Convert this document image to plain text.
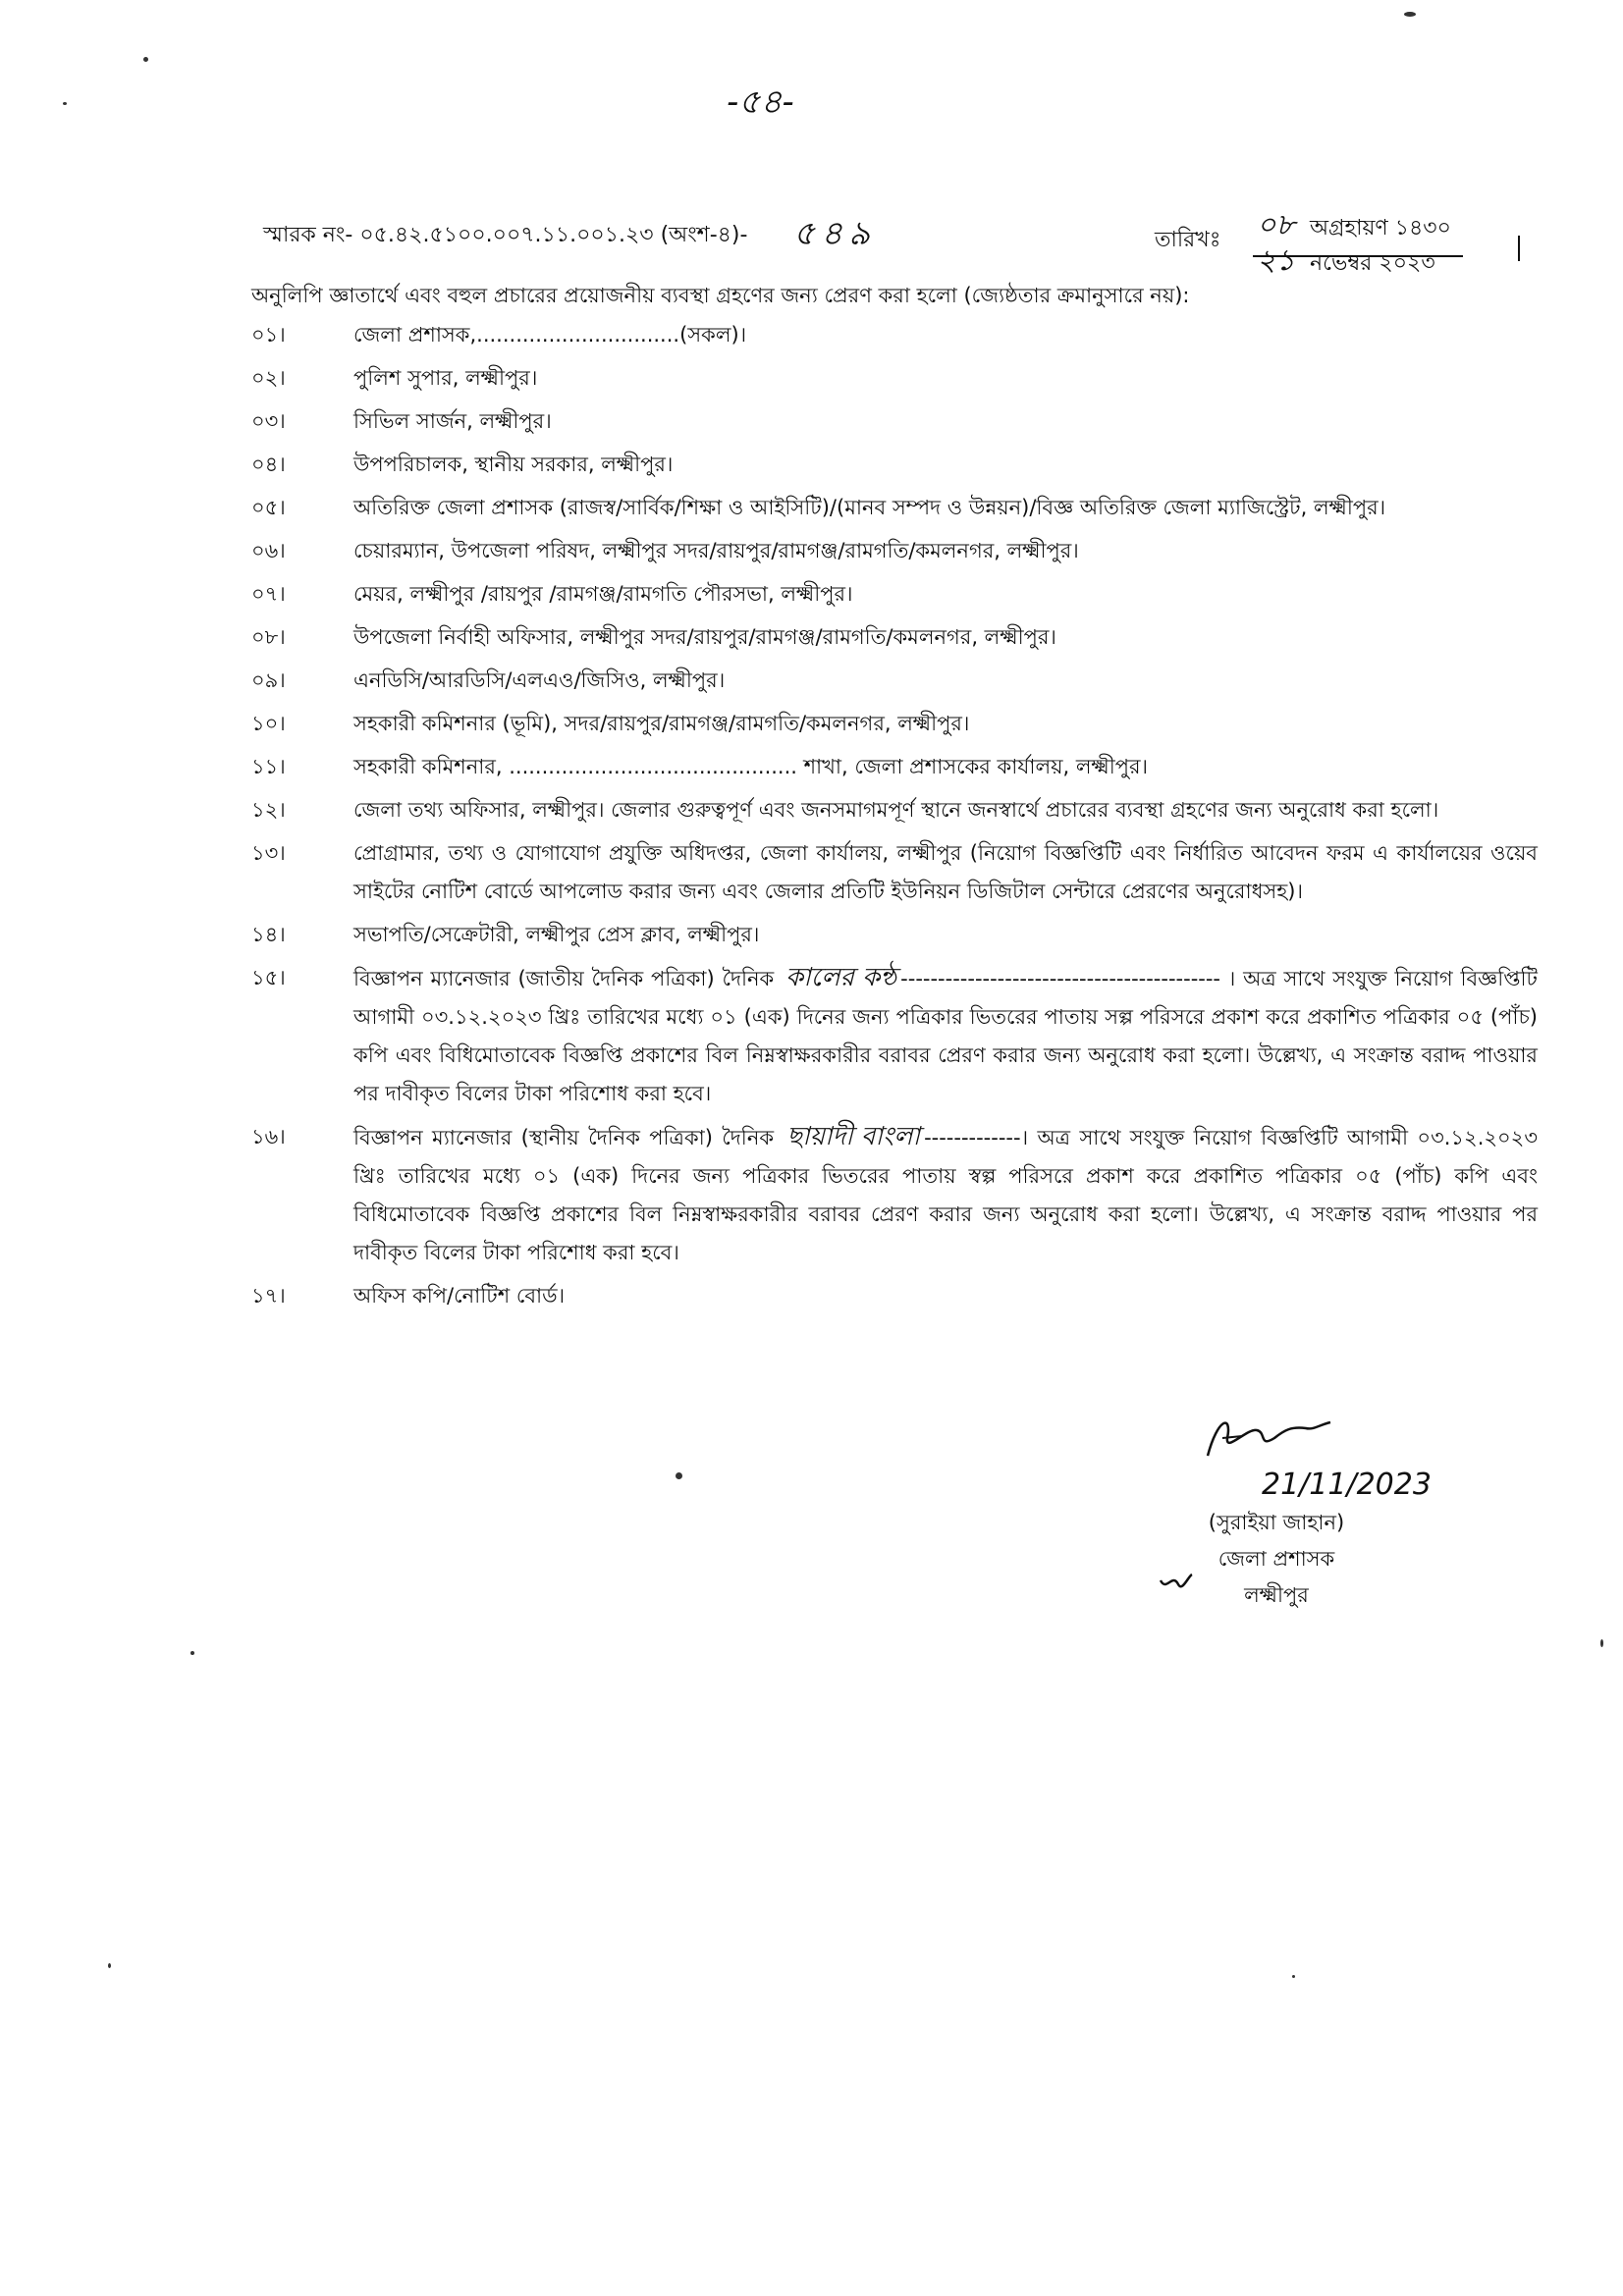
-৫৪-
স্মারক নং- ০৫.৪২.৫১০০.০০৭.১১.০০১.২৩ (অংশ-৪)- ৫৪৯	তারিখঃ ০৮ অগ্রহায়ণ ১৪৩০
২১ নভেম্বর ২০২৩
অনুলিপি জ্ঞাতার্থে এবং বহুল প্রচারের প্রয়োজনীয় ব্যবস্থা গ্রহণের জন্য প্রেরণ করা হলো (জ্যেষ্ঠতার ক্রমানুসারে নয়):
০১।	জেলা প্রশাসক,...............................(সকল)।
০২।	পুলিশ সুপার, লক্ষ্মীপুর।
০৩।	সিভিল সার্জন, লক্ষ্মীপুর।
০৪।	উপপরিচালক, স্থানীয় সরকার, লক্ষ্মীপুর।
০৫।	অতিরিক্ত জেলা প্রশাসক (রাজস্ব/সার্বিক/শিক্ষা ও আইসিটি)/(মানব সম্পদ ও উন্নয়ন)/বিজ্ঞ অতিরিক্ত জেলা ম্যাজিস্ট্রেট, লক্ষ্মীপুর।
০৬।	চেয়ারম্যান, উপজেলা পরিষদ, লক্ষ্মীপুর সদর/রায়পুর/রামগঞ্জ/রামগতি/কমলনগর, লক্ষ্মীপুর।
০৭।	মেয়র, লক্ষ্মীপুর /রায়পুর /রামগঞ্জ/রামগতি পৌরসভা, লক্ষ্মীপুর।
০৮।	উপজেলা নির্বাহী অফিসার, লক্ষ্মীপুর সদর/রায়পুর/রামগঞ্জ/রামগতি/কমলনগর, লক্ষ্মীপুর।
০৯।	এনডিসি/আরডিসি/এলএও/জিসিও, লক্ষ্মীপুর।
১০।	সহকারী কমিশনার (ভূমি), সদর/রায়পুর/রামগঞ্জ/রামগতি/কমলনগর, লক্ষ্মীপুর।
১১।	সহকারী কমিশনার, ............................................ শাখা, জেলা প্রশাসকের কার্যালয়, লক্ষ্মীপুর।
১২।	জেলা তথ্য অফিসার, লক্ষ্মীপুর। জেলার গুরুত্বপূর্ণ এবং জনসমাগমপূর্ণ স্থানে জনস্বার্থে প্রচারের ব্যবস্থা গ্রহণের জন্য অনুরোধ করা হলো।
১৩।	প্রোগ্রামার, তথ্য ও যোগাযোগ প্রযুক্তি অধিদপ্তর, জেলা কার্যালয়, লক্ষ্মীপুর (নিয়োগ বিজ্ঞপ্তিটি এবং নির্ধারিত আবেদন ফরম এ কার্যালয়ের ওয়েব সাইটের নোটিশ বোর্ডে আপলোড করার জন্য এবং জেলার প্রতিটি ইউনিয়ন ডিজিটাল সেন্টারে প্রেরণের অনুরোধসহ)।
১৪।	সভাপতি/সেক্রেটারী, লক্ষ্মীপুর প্রেস ক্লাব, লক্ষ্মীপুর।
১৫।	বিজ্ঞাপন ম্যানেজার (জাতীয় দৈনিক পত্রিকা) দৈনিক কালের কন্ঠ ------------------------------------------- । অত্র সাথে সংযুক্ত নিয়োগ বিজ্ঞপ্তিটি আগামী ০৩.১২.২০২৩ খ্রিঃ তারিখের মধ্যে ০১ (এক) দিনের জন্য পত্রিকার ভিতরের পাতায় সল্প পরিসরে প্রকাশ করে প্রকাশিত পত্রিকার ০৫ (পাঁচ) কপি এবং বিধিমোতাবেক বিজ্ঞপ্তি প্রকাশের বিল নিম্নস্বাক্ষরকারীর বরাবর প্রেরণ করার জন্য অনুরোধ করা হলো। উল্লেখ্য, এ সংক্রান্ত বরাদ্দ পাওয়ার পর দাবীকৃত বিলের টাকা পরিশোধ করা হবে।
১৬।	বিজ্ঞাপন ম্যানেজার (স্থানীয় দৈনিক পত্রিকা) দৈনিক ছায়াদী বাংলা -------------। অত্র সাথে সংযুক্ত নিয়োগ বিজ্ঞপ্তিটি আগামী ০৩.১২.২০২৩ খ্রিঃ তারিখের মধ্যে ০১ (এক) দিনের জন্য পত্রিকার ভিতরের পাতায় স্বল্প পরিসরে প্রকাশ করে প্রকাশিত পত্রিকার ০৫ (পাঁচ) কপি এবং বিধিমোতাবেক বিজ্ঞপ্তি প্রকাশের বিল নিম্নস্বাক্ষরকারীর বরাবর প্রেরণ করার জন্য অনুরোধ করা হলো। উল্লেখ্য, এ সংক্রান্ত বরাদ্দ পাওয়ার পর দাবীকৃত বিলের টাকা পরিশোধ করা হবে।
১৭।	অফিস কপি/নোটিশ বোর্ড।
21/11/2023
(সুরাইয়া জাহান)
জেলা প্রশাসক
লক্ষ্মীপুর
